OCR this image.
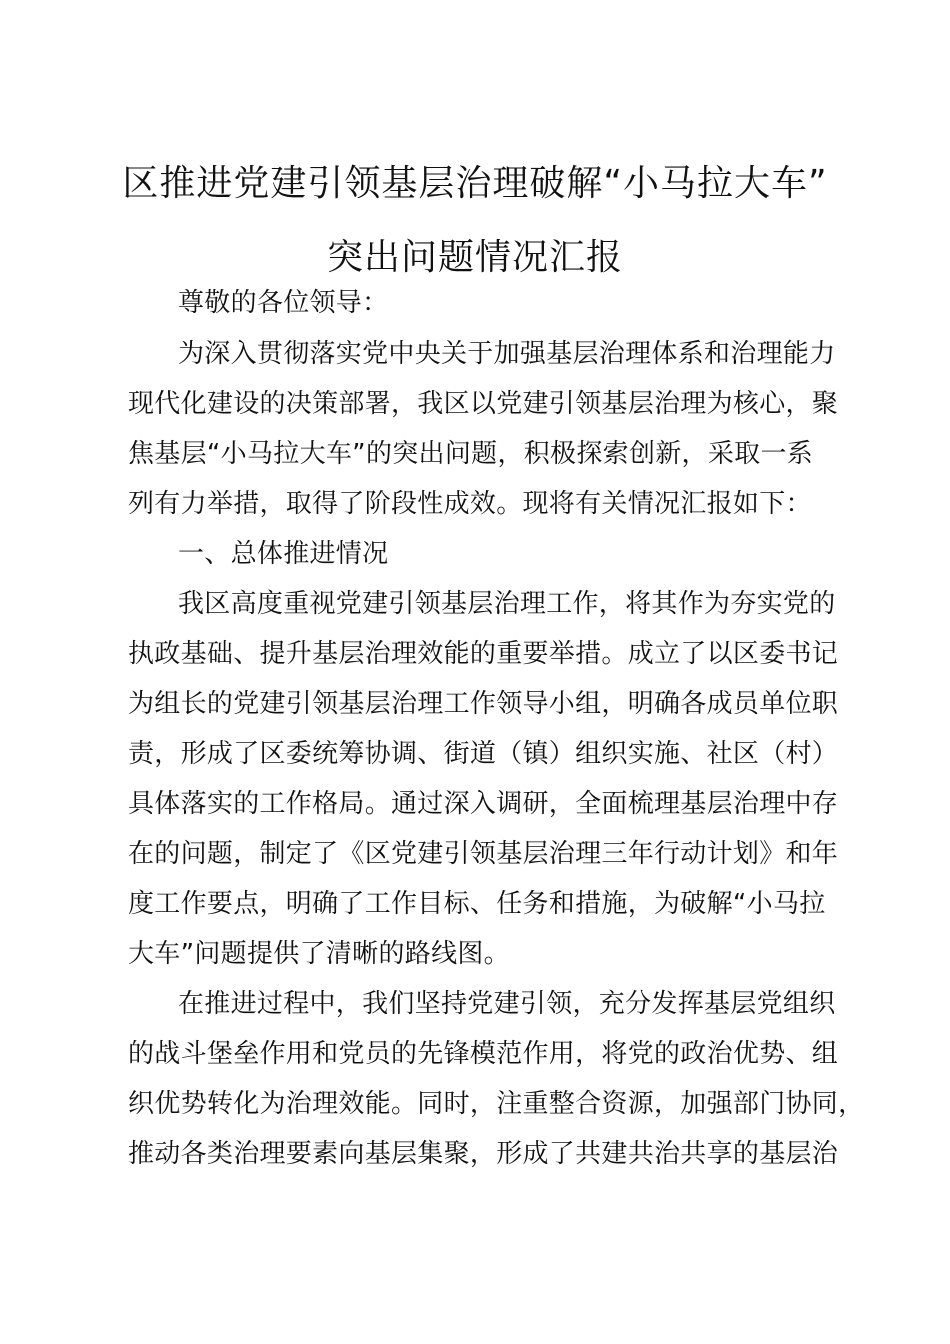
区推进党建引领基层治理破解“小马拉大车”
突出问题情况汇报
尊敬的各位领导：
为深入贯彻落实党中央关于加强基层治理体系和治理能力
现代化建设的决策部署，我区以党建引领基层治理为核心，聚
焦基层“小马拉大车”的突出问题，积极探索创新，采取一系
列有力举措，取得了阶段性成效。现将有关情况汇报如下：
一、总体推进情况
我区高度重视党建引领基层治理工作，将其作为夯实党的
执政基础、提升基层治理效能的重要举措。成立了以区委书记
为组长的党建引领基层治理工作领导小组，明确各成员单位职
责，形成了区委统筹协调、街道（镇）组织实施、社区（村）
具体落实的工作格局。通过深入调研，全面梳理基层治理中存
在的问题，制定了《区党建引领基层治理三年行动计划》和年
度工作要点，明确了工作目标、任务和措施，为破解“小马拉
大车”问题提供了清晰的路线图。
在推进过程中，我们坚持党建引领，充分发挥基层党组织
的战斗堡垒作用和党员的先锋模范作用，将党的政治优势、组
织优势转化为治理效能。同时，注重整合资源，加强部门协同，
推动各类治理要素向基层集聚，形成了共建共治共享的基层治
